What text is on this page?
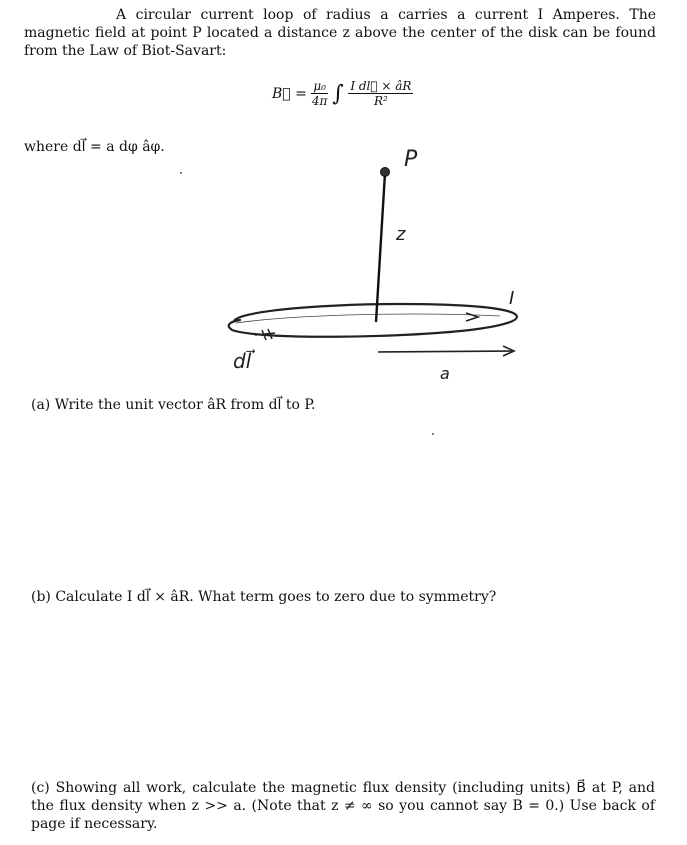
A circular current loop of radius a carries a current I Amperes. The magnetic field at point P located a distance z above the center of the disk can be found from the Law of Biot-Savart:

B⃗ = $\frac{\text{μ₀}}{4\pi}$ ∫ $\frac{\text{I dl⃗ × âR}}{\text{R²}}$

where dl⃗ = a dφ âφ.	P
z
I
dl⃗
a

(a) Write the unit vector âR from dl⃗ to P.

(b) Calculate I dl⃗ × âR. What term goes to zero due to symmetry?

(c) Showing all work, calculate the magnetic flux density (including units) B⃗ at P, and the flux density when z >> a. (Note that z ≠ ∞ so you cannot say B = 0.) Use back of page if necessary.
